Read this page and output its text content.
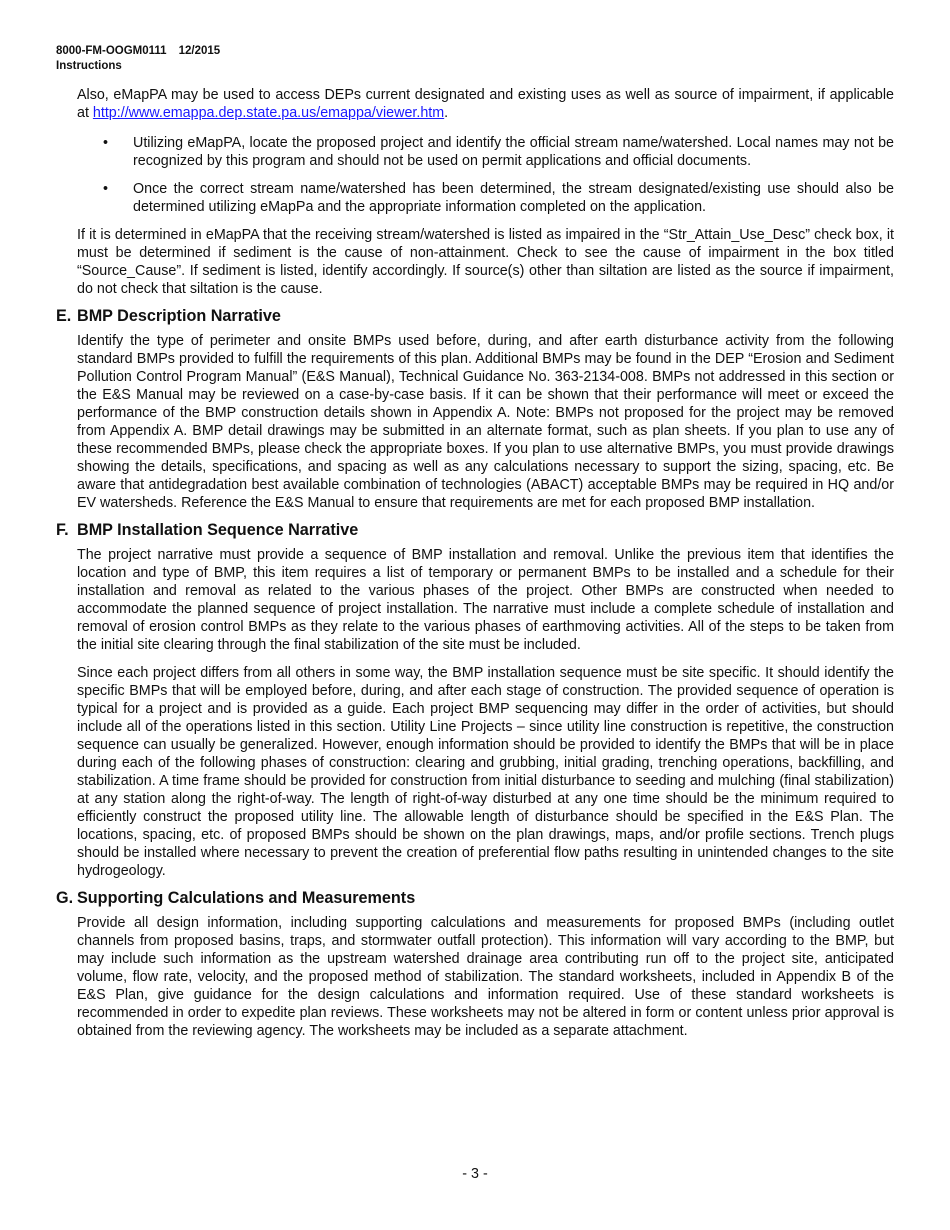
8000-FM-OOGM0111 12/2015
Instructions

Also, eMapPA may be used to access DEPs current designated and existing uses as well as source of impairment, if applicable at http://www.emappa.dep.state.pa.us/emappa/viewer.htm.

• Utilizing eMapPA, locate the proposed project and identify the official stream name/watershed. Local names may not be recognized by this program and should not be used on permit applications and official documents.
• Once the correct stream name/watershed has been determined, the stream designated/existing use should also be determined utilizing eMapPa and the appropriate information completed on the application.

If it is determined in eMapPA that the receiving stream/watershed is listed as impaired in the “Str_Attain_Use_Desc” check box, it must be determined if sediment is the cause of non-attainment. Check to see the cause of impairment in the box titled “Source_Cause”. If sediment is listed, identify accordingly. If source(s) other than siltation are listed as the source if impairment, do not check that siltation is the cause.

E. BMP Description Narrative

Identify the type of perimeter and onsite BMPs used before, during, and after earth disturbance activity from the following standard BMPs provided to fulfill the requirements of this plan. Additional BMPs may be found in the DEP “Erosion and Sediment Pollution Control Program Manual” (E&S Manual), Technical Guidance No. 363-2134-008. BMPs not addressed in this section or the E&S Manual may be reviewed on a case-by-case basis. If it can be shown that their performance will meet or exceed the performance of the BMP construction details shown in Appendix A. Note: BMPs not proposed for the project may be removed from Appendix A. BMP detail drawings may be submitted in an alternate format, such as plan sheets. If you plan to use any of these recommended BMPs, please check the appropriate boxes. If you plan to use alternative BMPs, you must provide drawings showing the details, specifications, and spacing as well as any calculations necessary to support the sizing, spacing, etc. Be aware that antidegradation best available combination of technologies (ABACT) acceptable BMPs may be required in HQ and/or EV watersheds. Reference the E&S Manual to ensure that requirements are met for each proposed BMP installation.

F. BMP Installation Sequence Narrative

The project narrative must provide a sequence of BMP installation and removal. Unlike the previous item that identifies the location and type of BMP, this item requires a list of temporary or permanent BMPs to be installed and a schedule for their installation and removal as related to the various phases of the project. Other BMPs are constructed when needed to accommodate the planned sequence of project installation. The narrative must include a complete schedule of installation and removal of erosion control BMPs as they relate to the various phases of earthmoving activities. All of the steps to be taken from the initial site clearing through the final stabilization of the site must be included.

Since each project differs from all others in some way, the BMP installation sequence must be site specific. It should identify the specific BMPs that will be employed before, during, and after each stage of construction. The provided sequence of operation is typical for a project and is provided as a guide. Each project BMP sequencing may differ in the order of activities, but should include all of the operations listed in this section. Utility Line Projects – since utility line construction is repetitive, the construction sequence can usually be generalized. However, enough information should be provided to identify the BMPs that will be in place during each of the following phases of construction: clearing and grubbing, initial grading, trenching operations, backfilling, and stabilization. A time frame should be provided for construction from initial disturbance to seeding and mulching (final stabilization) at any station along the right-of-way. The length of right-of-way disturbed at any one time should be the minimum required to efficiently construct the proposed utility line. The allowable length of disturbance should be specified in the E&S Plan. The locations, spacing, etc. of proposed BMPs should be shown on the plan drawings, maps, and/or profile sections. Trench plugs should be installed where necessary to prevent the creation of preferential flow paths resulting in unintended changes to the site hydrogeology.

G. Supporting Calculations and Measurements

Provide all design information, including supporting calculations and measurements for proposed BMPs (including outlet channels from proposed basins, traps, and stormwater outfall protection). This information will vary according to the BMP, but may include such information as the upstream watershed drainage area contributing run off to the project site, anticipated volume, flow rate, velocity, and the proposed method of stabilization. The standard worksheets, included in Appendix B of the E&S Plan, give guidance for the design calculations and information required. Use of these standard worksheets is recommended in order to expedite plan reviews. These worksheets may not be altered in form or content unless prior approval is obtained from the reviewing agency. The worksheets may be included as a separate attachment.

- 3 -
